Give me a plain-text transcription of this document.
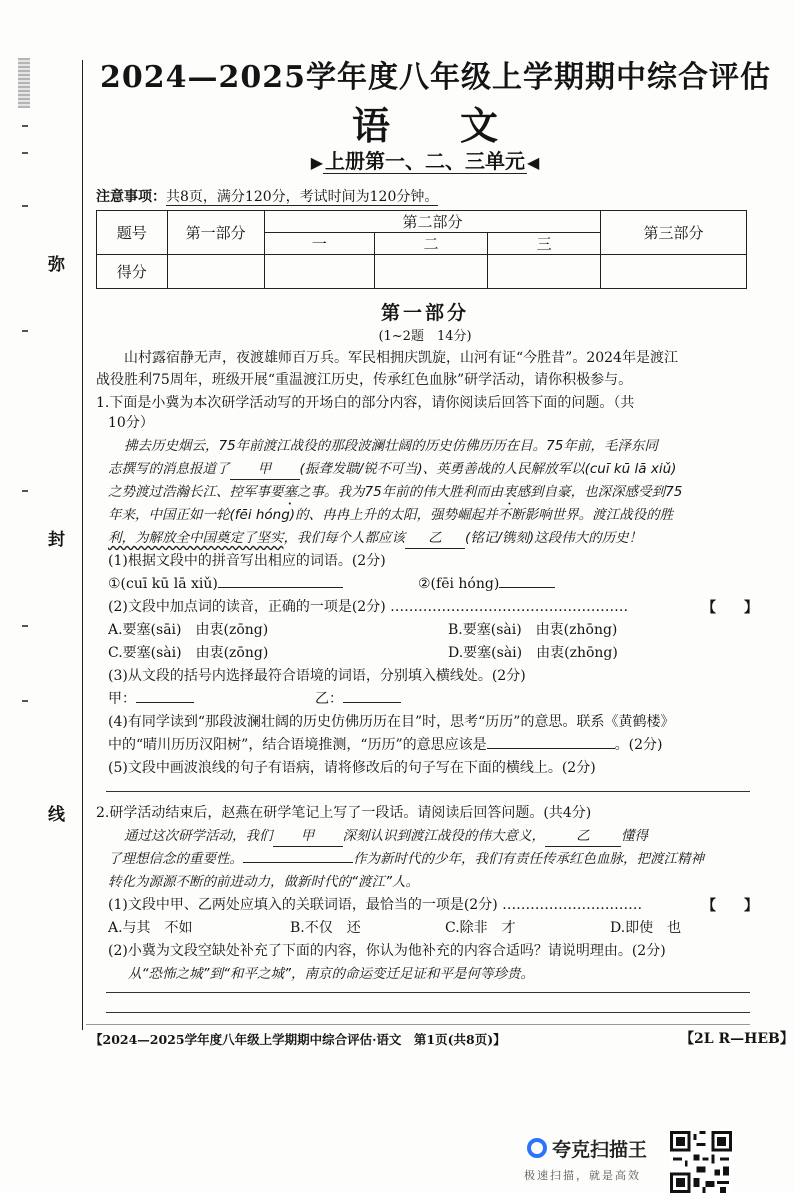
弥
封
线
2024—2025学年度八年级上学期期中综合评估
语文
▶ 上册第一、二、三单元 ◀
注意事项：共8页，满分120分，考试时间为120分钟。
题号	第一部分	第二部分			第三部分
		一	二	三	
得分					
第一部分
(1~2题　14分)
山村露宿静无声，夜渡雄师百万兵。军民相拥庆凯旋，山河有证“今胜昔”。2024年是渡江
战役胜利75周年，班级开展“重温渡江历史，传承红色血脉”研学活动，请你积极参与。
1.下面是小冀为本次研学活动写的开场白的部分内容，请你阅读后回答下面的问题。（共
10分）
拂去历史烟云，75年前渡江战役的那段波澜壮阔的历史仿佛历历在目。75年前，毛泽东同
志撰写的消息报道了 甲 (振聋发聩/锐不可当)、英勇善战的人民解放军以(cuī kū lā xiǔ)
之势渡过浩瀚长江、控军事要塞之事。我为75年前的伟大胜利而由衷感到自豪，也深深感受到75
年来，中国正如一轮(fēi hóng)的、冉冉上升的太阳，强势崛起并不断影响世界。渡江战役的胜
利，为解放全中国奠定了坚实，我们每个人都应该 乙 (铭记/镌刻)这段伟大的历史！
(1)根据文段中的拼音写出相应的词语。(2分)
①(cuī kū lā xiǔ)	②(fēi hóng)
(2)文段中加点词的读音，正确的一项是(2分) ……………………………………………	【　　】
A.要塞(sāi)　由衷(zōng)	B.要塞(sài)　由衷(zhōng)
C.要塞(sài)　由衷(zōng)	D.要塞(sài)　由衷(zhōng)
(3)从文段的括号内选择最符合语境的词语，分别填入横线处。(2分)
甲：	乙：
(4)有同学读到“那段波澜壮阔的历史仿佛历历在目”时，思考“历历”的意思。联系《黄鹤楼》
中的“晴川历历汉阳树”，结合语境推测，“历历”的意思应该是	。(2分)
(5)文段中画波浪线的句子有语病，请将修改后的句子写在下面的横线上。(2分)
2.研学活动结束后，赵燕在研学笔记上写了一段话。请阅读后回答问题。(共4分)
通过这次研学活动，我们 甲 深刻认识到渡江战役的伟大意义， 乙 懂得
了理想信念的重要性。	作为新时代的少年，我们有责任传承红色血脉，把渡江精神
转化为源源不断的前进动力，做新时代的“渡江”人。
(1)文段中甲、乙两处应填入的关联词语，最恰当的一项是(2分) …………………………	【　　】
A.与其　不如	B.不仅　还	C.除非　才	D.即使　也
(2)小冀为文段空缺处补充了下面的内容，你认为他补充的内容合适吗？请说明理由。(2分)
从“恐怖之城”到“和平之城”，南京的命运变迁足证和平是何等珍贵。
【2024—2025学年度八年级上学期期中综合评估·语文　第1页(共8页)】	【2L R—HEB】
夸克扫描王
极速扫描，就是高效
